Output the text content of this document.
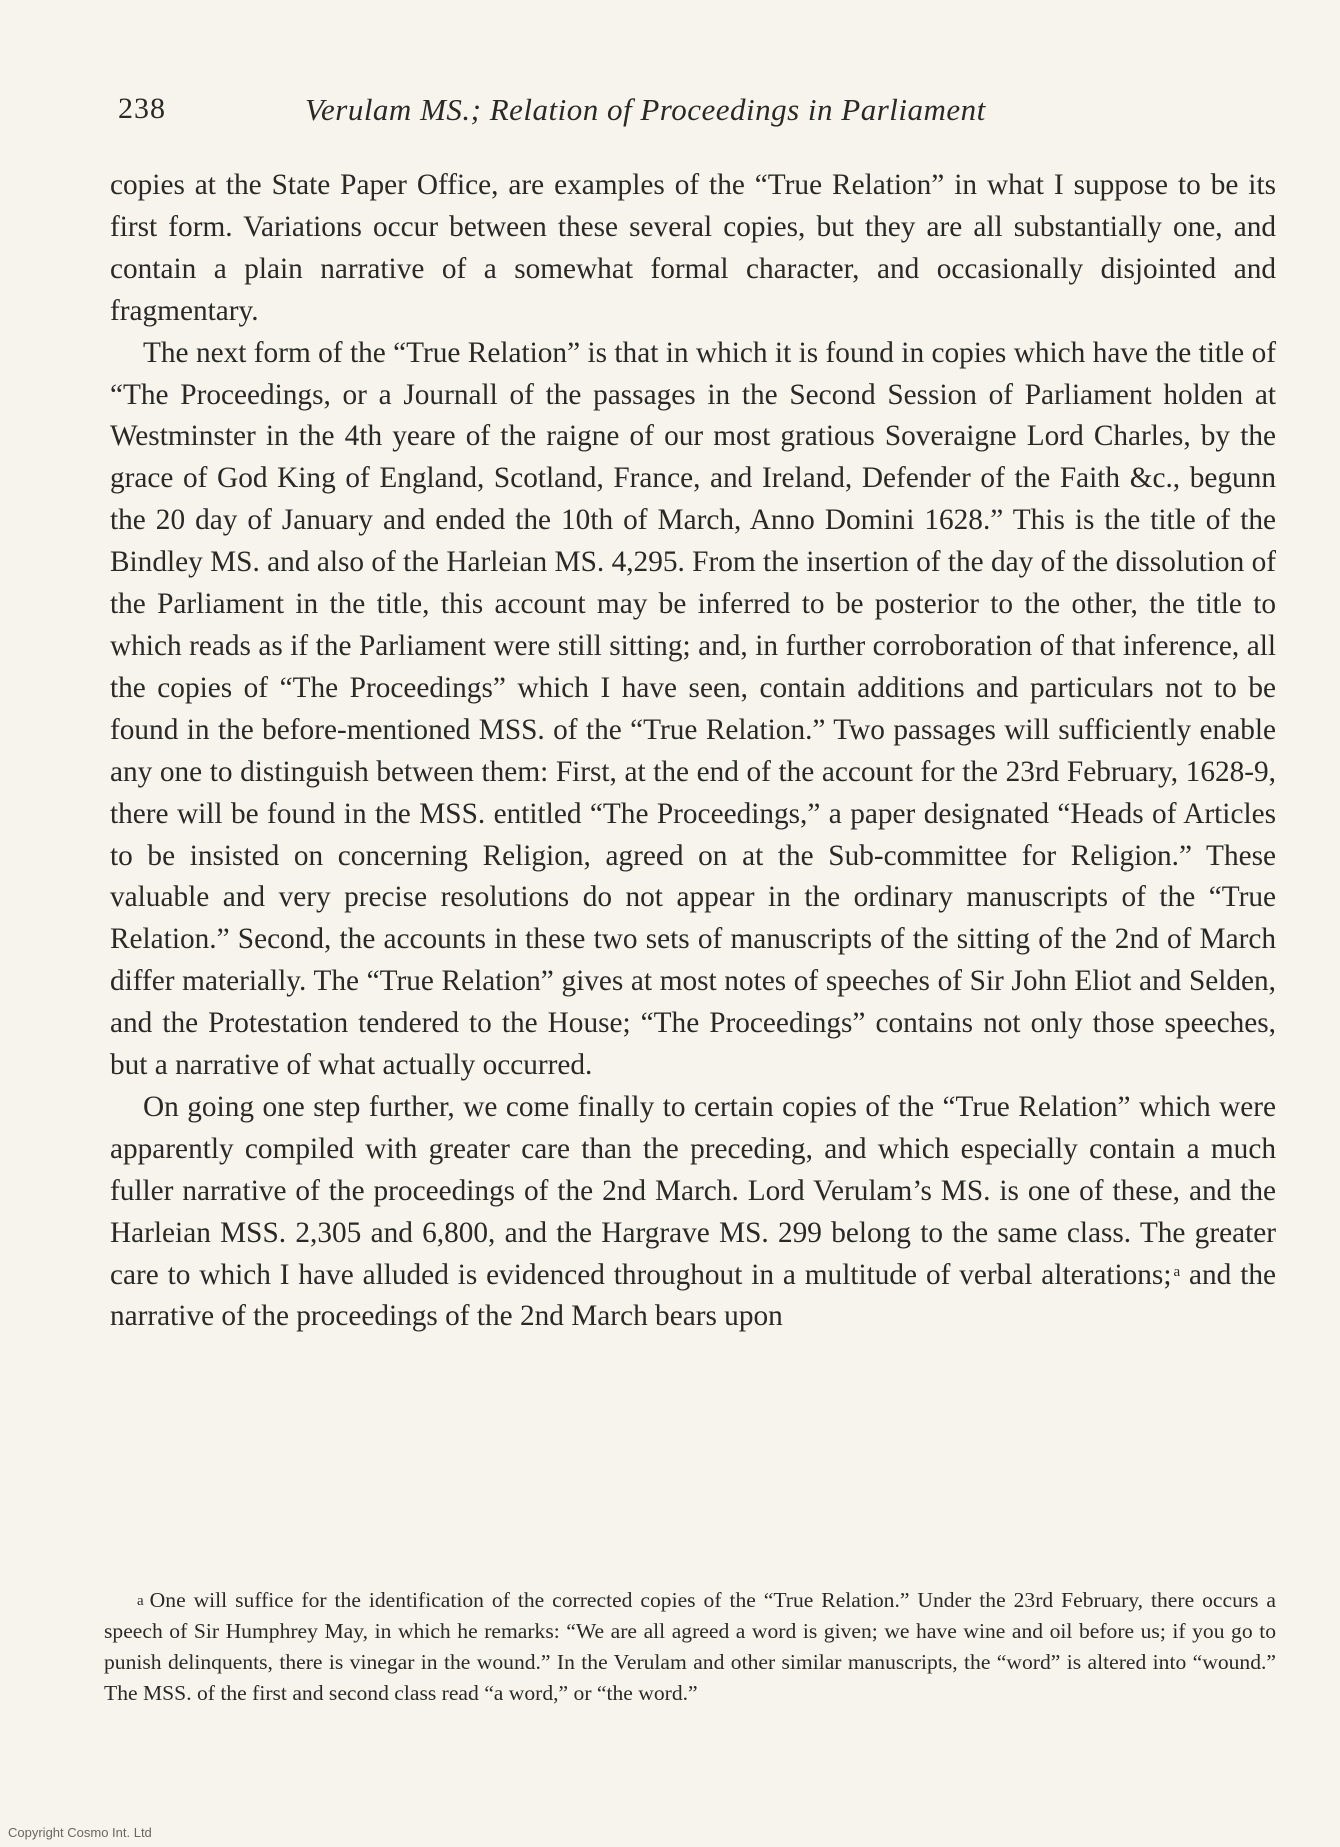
238	Verulam MS.; Relation of Proceedings in Parliament

copies at the State Paper Office, are examples of the “True Relation” in what I suppose to be its first form. Variations occur between these several copies, but they are all substantially one, and contain a plain narrative of a somewhat formal character, and occasionally disjointed and fragmentary.

The next form of the “True Relation” is that in which it is found in copies which have the title of “The Proceedings, or a Journall of the passages in the Second Session of Parliament holden at Westminster in the 4th yeare of the raigne of our most gratious Soveraigne Lord Charles, by the grace of God King of England, Scotland, France, and Ireland, Defender of the Faith &c., begunn the 20 day of January and ended the 10th of March, Anno Domini 1628.” This is the title of the Bindley MS. and also of the Harleian MS. 4,295. From the insertion of the day of the dissolution of the Parliament in the title, this account may be inferred to be posterior to the other, the title to which reads as if the Parliament were still sitting; and, in further corroboration of that inference, all the copies of “The Proceedings” which I have seen, contain additions and particulars not to be found in the before-mentioned MSS. of the “True Relation.” Two passages will sufficiently enable any one to distinguish between them: First, at the end of the account for the 23rd February, 1628-9, there will be found in the MSS. entitled “The Proceedings,” a paper designated “Heads of Articles to be insisted on concerning Religion, agreed on at the Sub-committee for Religion.” These valuable and very precise resolutions do not appear in the ordinary manuscripts of the “True Relation.” Second, the accounts in these two sets of manuscripts of the sitting of the 2nd of March differ materially. The “True Relation” gives at most notes of speeches of Sir John Eliot and Selden, and the Protestation tendered to the House; “The Proceedings” contains not only those speeches, but a narrative of what actually occurred.

On going one step further, we come finally to certain copies of the “True Relation” which were apparently compiled with greater care than the preceding, and which especially contain a much fuller narrative of the proceedings of the 2nd March. Lord Verulam’s MS. is one of these, and the Harleian MSS. 2,305 and 6,800, and the Hargrave MS. 299 belong to the same class. The greater care to which I have alluded is evidenced throughout in a multitude of verbal alterations; $^a$ and the narrative of the proceedings of the 2nd March bears upon

$^a$ One will suffice for the identification of the corrected copies of the “True Relation.” Under the 23rd February, there occurs a speech of Sir Humphrey May, in which he remarks: “We are all agreed a word is given; we have wine and oil before us; if you go to punish delinquents, there is vinegar in the wound.” In the Verulam and other similar manuscripts, the “word” is altered into “wound.” The MSS. of the first and second class read “a word,” or “the word.”

Copyright Cosmo Int. Ltd
